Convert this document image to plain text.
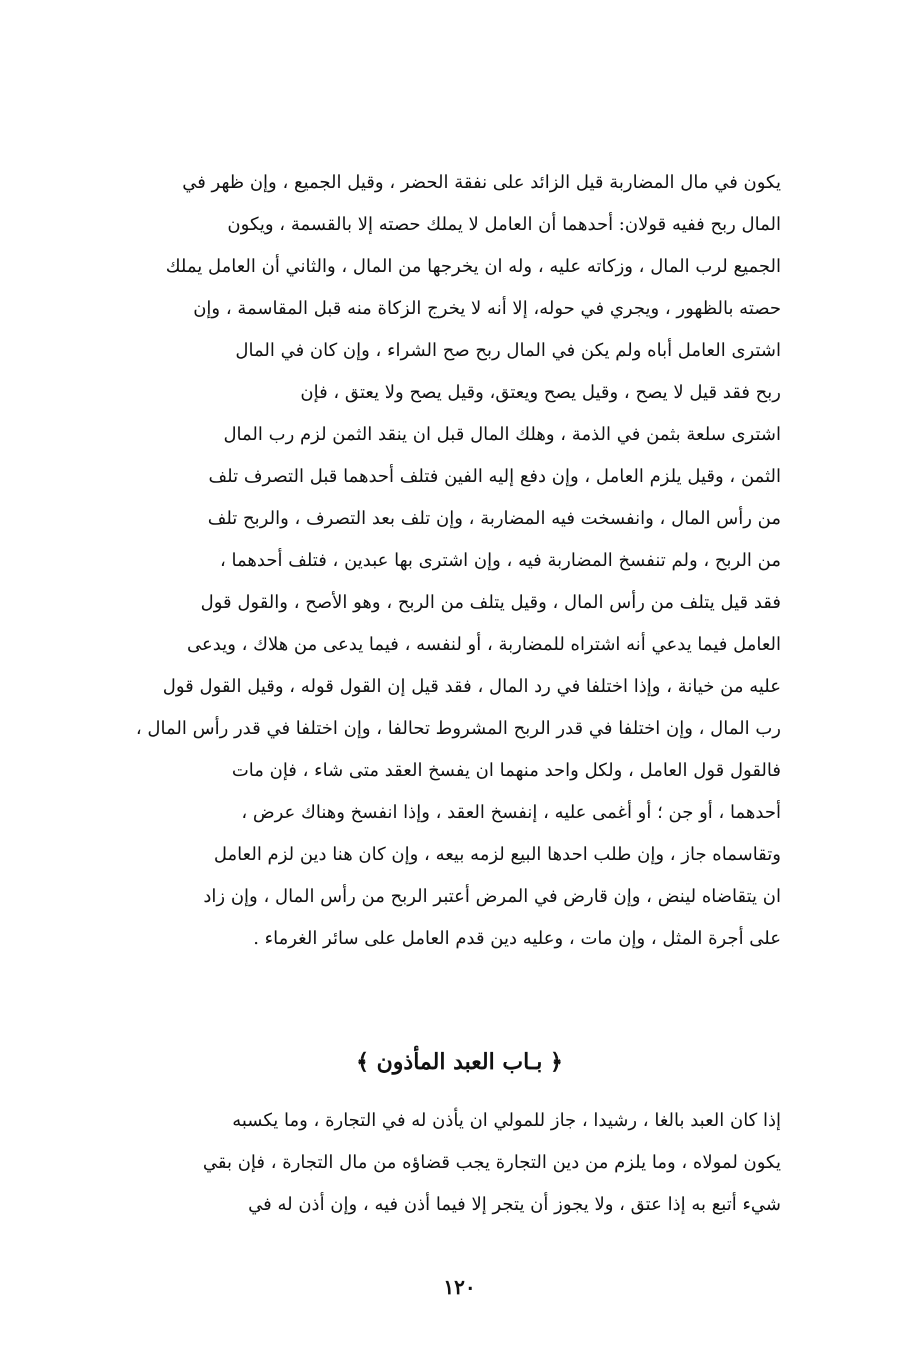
يكون في مال المضاربة قيل الزائد على نفقة الحضر ، وقيل الجميع ، وإن ظهر في
المال ربح ففيه قولان: أحدهما أن العامل لا يملك حصته إلا بالقسمة ، ويكون
الجميع لرب المال ، وزكاته عليه ، وله ان يخرجها من المال ، والثاني أن العامل يملك
حصته بالظهور ، ويجري في حوله، إلا أنه لا يخرج الزكاة منه قبل المقاسمة ، وإن
اشترى العامل أباه ولم يكن في المال ربح صح الشراء ، وإن كان في المال
ربح فقد قيل لا يصح ، وقيل يصح ويعتق، وقيل يصح ولا يعتق ، فإن
اشترى سلعة بثمن في الذمة ، وهلك المال قبل ان ينقد الثمن لزم رب المال
الثمن ، وقيل يلزم العامل ، وإن دفع إليه الفين فتلف أحدهما قبل التصرف تلف
من رأس المال ، وانفسخت فيه المضاربة ، وإن تلف بعد التصرف ، والربح تلف
من الربح ، ولم تنفسخ المضاربة فيه ، وإن اشترى بها عبدين ، فتلف أحدهما ،
فقد قيل يتلف من رأس المال ، وقيل يتلف من الربح ، وهو الأصح ، والقول قول
العامل فيما يدعي أنه اشتراه للمضاربة ، أو لنفسه ، فيما يدعى من هلاك ، ويدعى
عليه من خيانة ، وإذا اختلفا في رد المال ، فقد قيل إن القول قوله ، وقيل القول قول
رب المال ، وإن اختلفا في قدر الربح المشروط تحالفا ، وإن اختلفا في قدر رأس المال ،
فالقول قول العامل ، ولكل واحد منهما ان يفسخ العقد متى شاء ، فإن مات
أحدهما ، أو جن ؛ أو أغمى عليه ، إنفسخ العقد ، وإذا انفسخ وهناك عرض ،
وتقاسماه جاز ، وإن طلب احدها البيع لزمه بيعه ، وإن كان هنا دين لزم العامل
ان يتقاضاه لينض ، وإن قارض في المرض أعتبر الربح من رأس المال ، وإن زاد
على أجرة المثل ، وإن مات ، وعليه دين قدم العامل على سائر الغرماء .
﴿ بـاب العبد المأذون ﴾
إذا كان العبد بالغا ، رشيدا ، جاز للمولي ان يأذن له في التجارة ، وما يكسبه
يكون لمولاه ، وما يلزم من دين التجارة يجب قضاؤه من مال التجارة ، فإن بقي
شيء أتبع به إذا عتق ، ولا يجوز أن يتجر إلا فيما أذن فيه ، وإن أذن له في
١٢٠
